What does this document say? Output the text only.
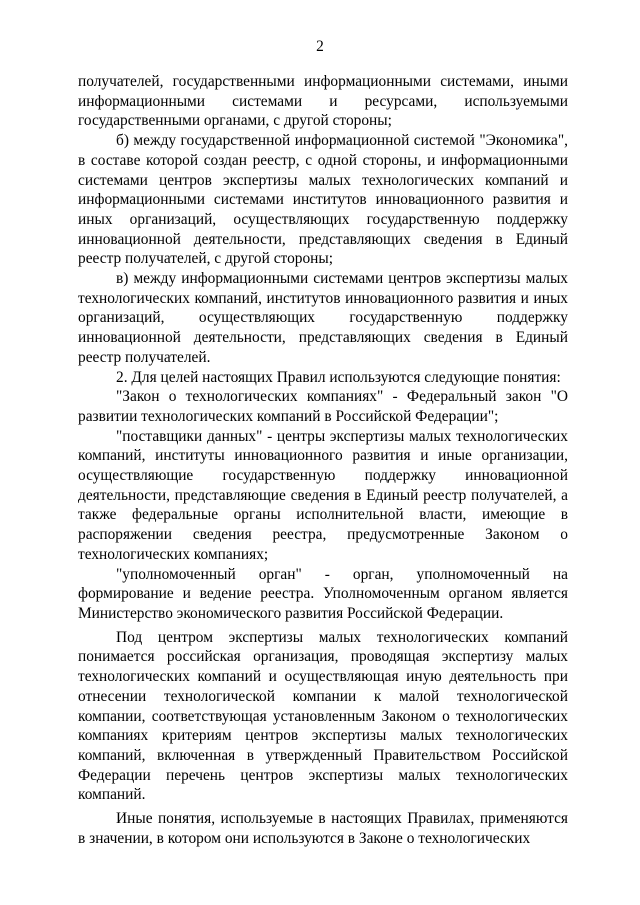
2

получателей, государственными информационными системами, иными информационными системами и ресурсами, используемыми государственными органами, с другой стороны;

б) между государственной информационной системой "Экономика", в составе которой создан реестр, с одной стороны, и информационными системами центров экспертизы малых технологических компаний и информационными системами институтов инновационного развития и иных организаций, осуществляющих государственную поддержку инновационной деятельности, представляющих сведения в Единый реестр получателей, с другой стороны;

в) между информационными системами центров экспертизы малых технологических компаний, институтов инновационного развития и иных организаций, осуществляющих государственную поддержку инновационной деятельности, представляющих сведения в Единый реестр получателей.

2. Для целей настоящих Правил используются следующие понятия:

"Закон о технологических компаниях" - Федеральный закон "О развитии технологических компаний в Российской Федерации";

"поставщики данных" - центры экспертизы малых технологических компаний, институты инновационного развития и иные организации, осуществляющие государственную поддержку инновационной деятельности, представляющие сведения в Единый реестр получателей, а также федеральные органы исполнительной власти, имеющие в распоряжении сведения реестра, предусмотренные Законом о технологических компаниях;

"уполномоченный орган" - орган, уполномоченный на формирование и ведение реестра. Уполномоченным органом является Министерство экономического развития Российской Федерации.

Под центром экспертизы малых технологических компаний понимается российская организация, проводящая экспертизу малых технологических компаний и осуществляющая иную деятельность при отнесении технологической компании к малой технологической компании, соответствующая установленным Законом о технологических компаниях критериям центров экспертизы малых технологических компаний, включенная в утвержденный Правительством Российской Федерации перечень центров экспертизы малых технологических компаний.

Иные понятия, используемые в настоящих Правилах, применяются в значении, в котором они используются в Законе о технологических
